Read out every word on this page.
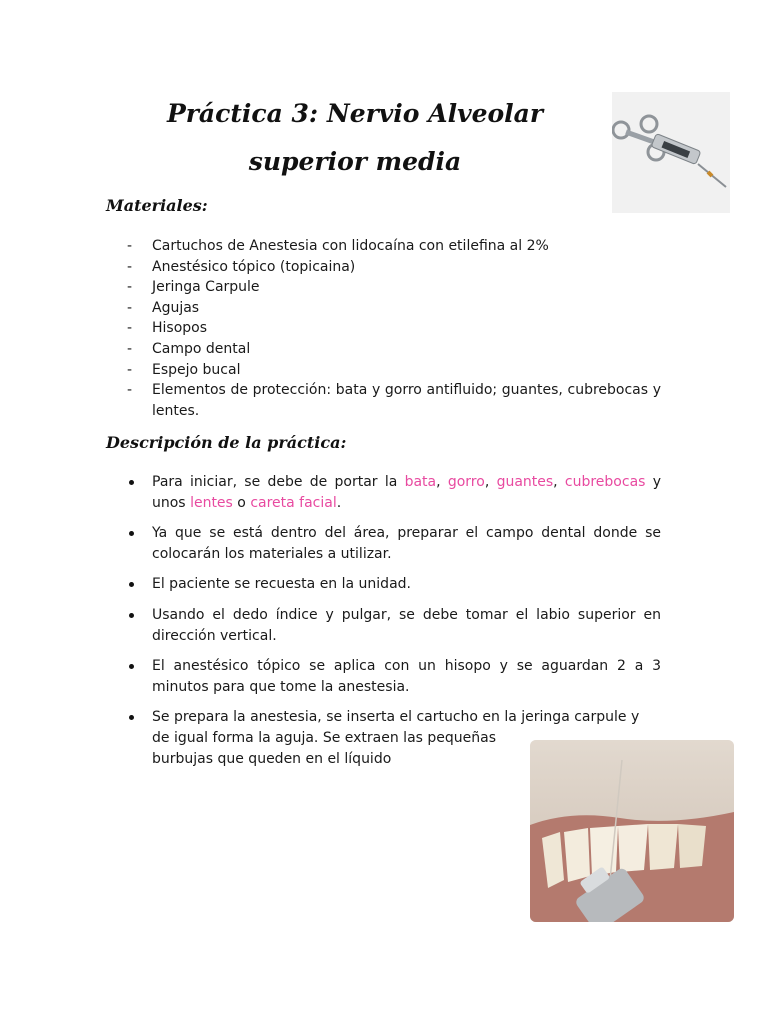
Práctica 3: Nervio Alveolar superior media
Materiales:
- Cartuchos de Anestesia con lidocaína con etilefina al 2%
- Anestésico tópico (topicaina)
- Jeringa Carpule
- Agujas
- Hisopos
- Campo dental
- Espejo bucal
- Elementos de protección: bata y gorro antifluido; guantes, cubrebocas y lentes.
Descripción de la práctica:
Para iniciar, se debe de portar la bata, gorro, guantes, cubrebocas y unos lentes o careta facial.
Ya que se está dentro del área, preparar el campo dental donde se colocarán los materiales a utilizar.
El paciente se recuesta en la unidad.
Usando el dedo índice y pulgar, se debe tomar el labio superior en dirección vertical.
El anestésico tópico se aplica con un hisopo y se aguardan 2 a 3 minutos para que tome la anestesia.
Se prepara la anestesia, se inserta el cartucho en la jeringa carpule y
de igual forma la aguja. Se extraen las pequeñas
burbujas que queden en el líquido
